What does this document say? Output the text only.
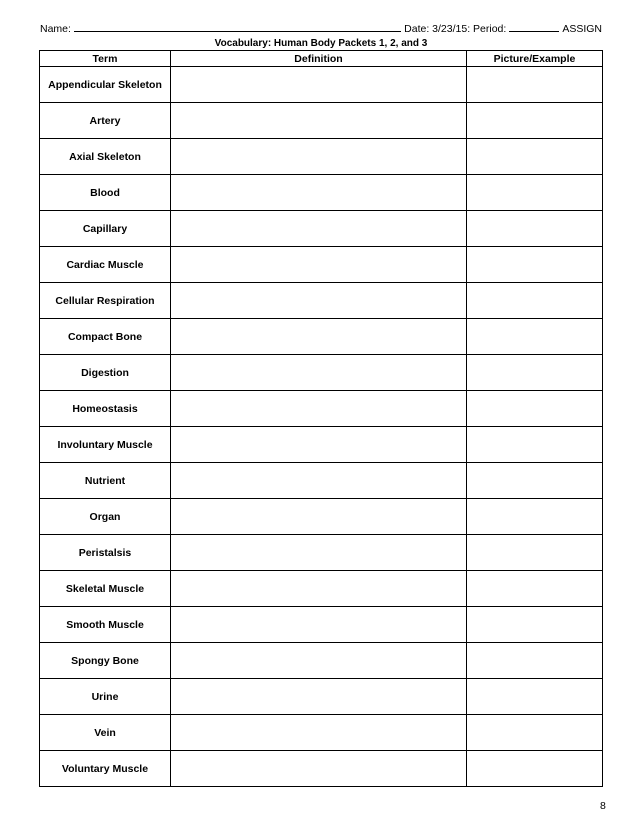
Name:	Date: 3/23/15: Period:	ASSIGN
Vocabulary: Human Body Packets 1, 2, and 3
Term	Definition	Picture/Example
Appendicular Skeleton		
Artery		
Axial Skeleton		
Blood		
Capillary		
Cardiac Muscle		
Cellular Respiration		
Compact Bone		
Digestion		
Homeostasis		
Involuntary Muscle		
Nutrient		
Organ		
Peristalsis		
Skeletal Muscle		
Smooth Muscle		
Spongy Bone		
Urine		
Vein		
Voluntary Muscle		
8
